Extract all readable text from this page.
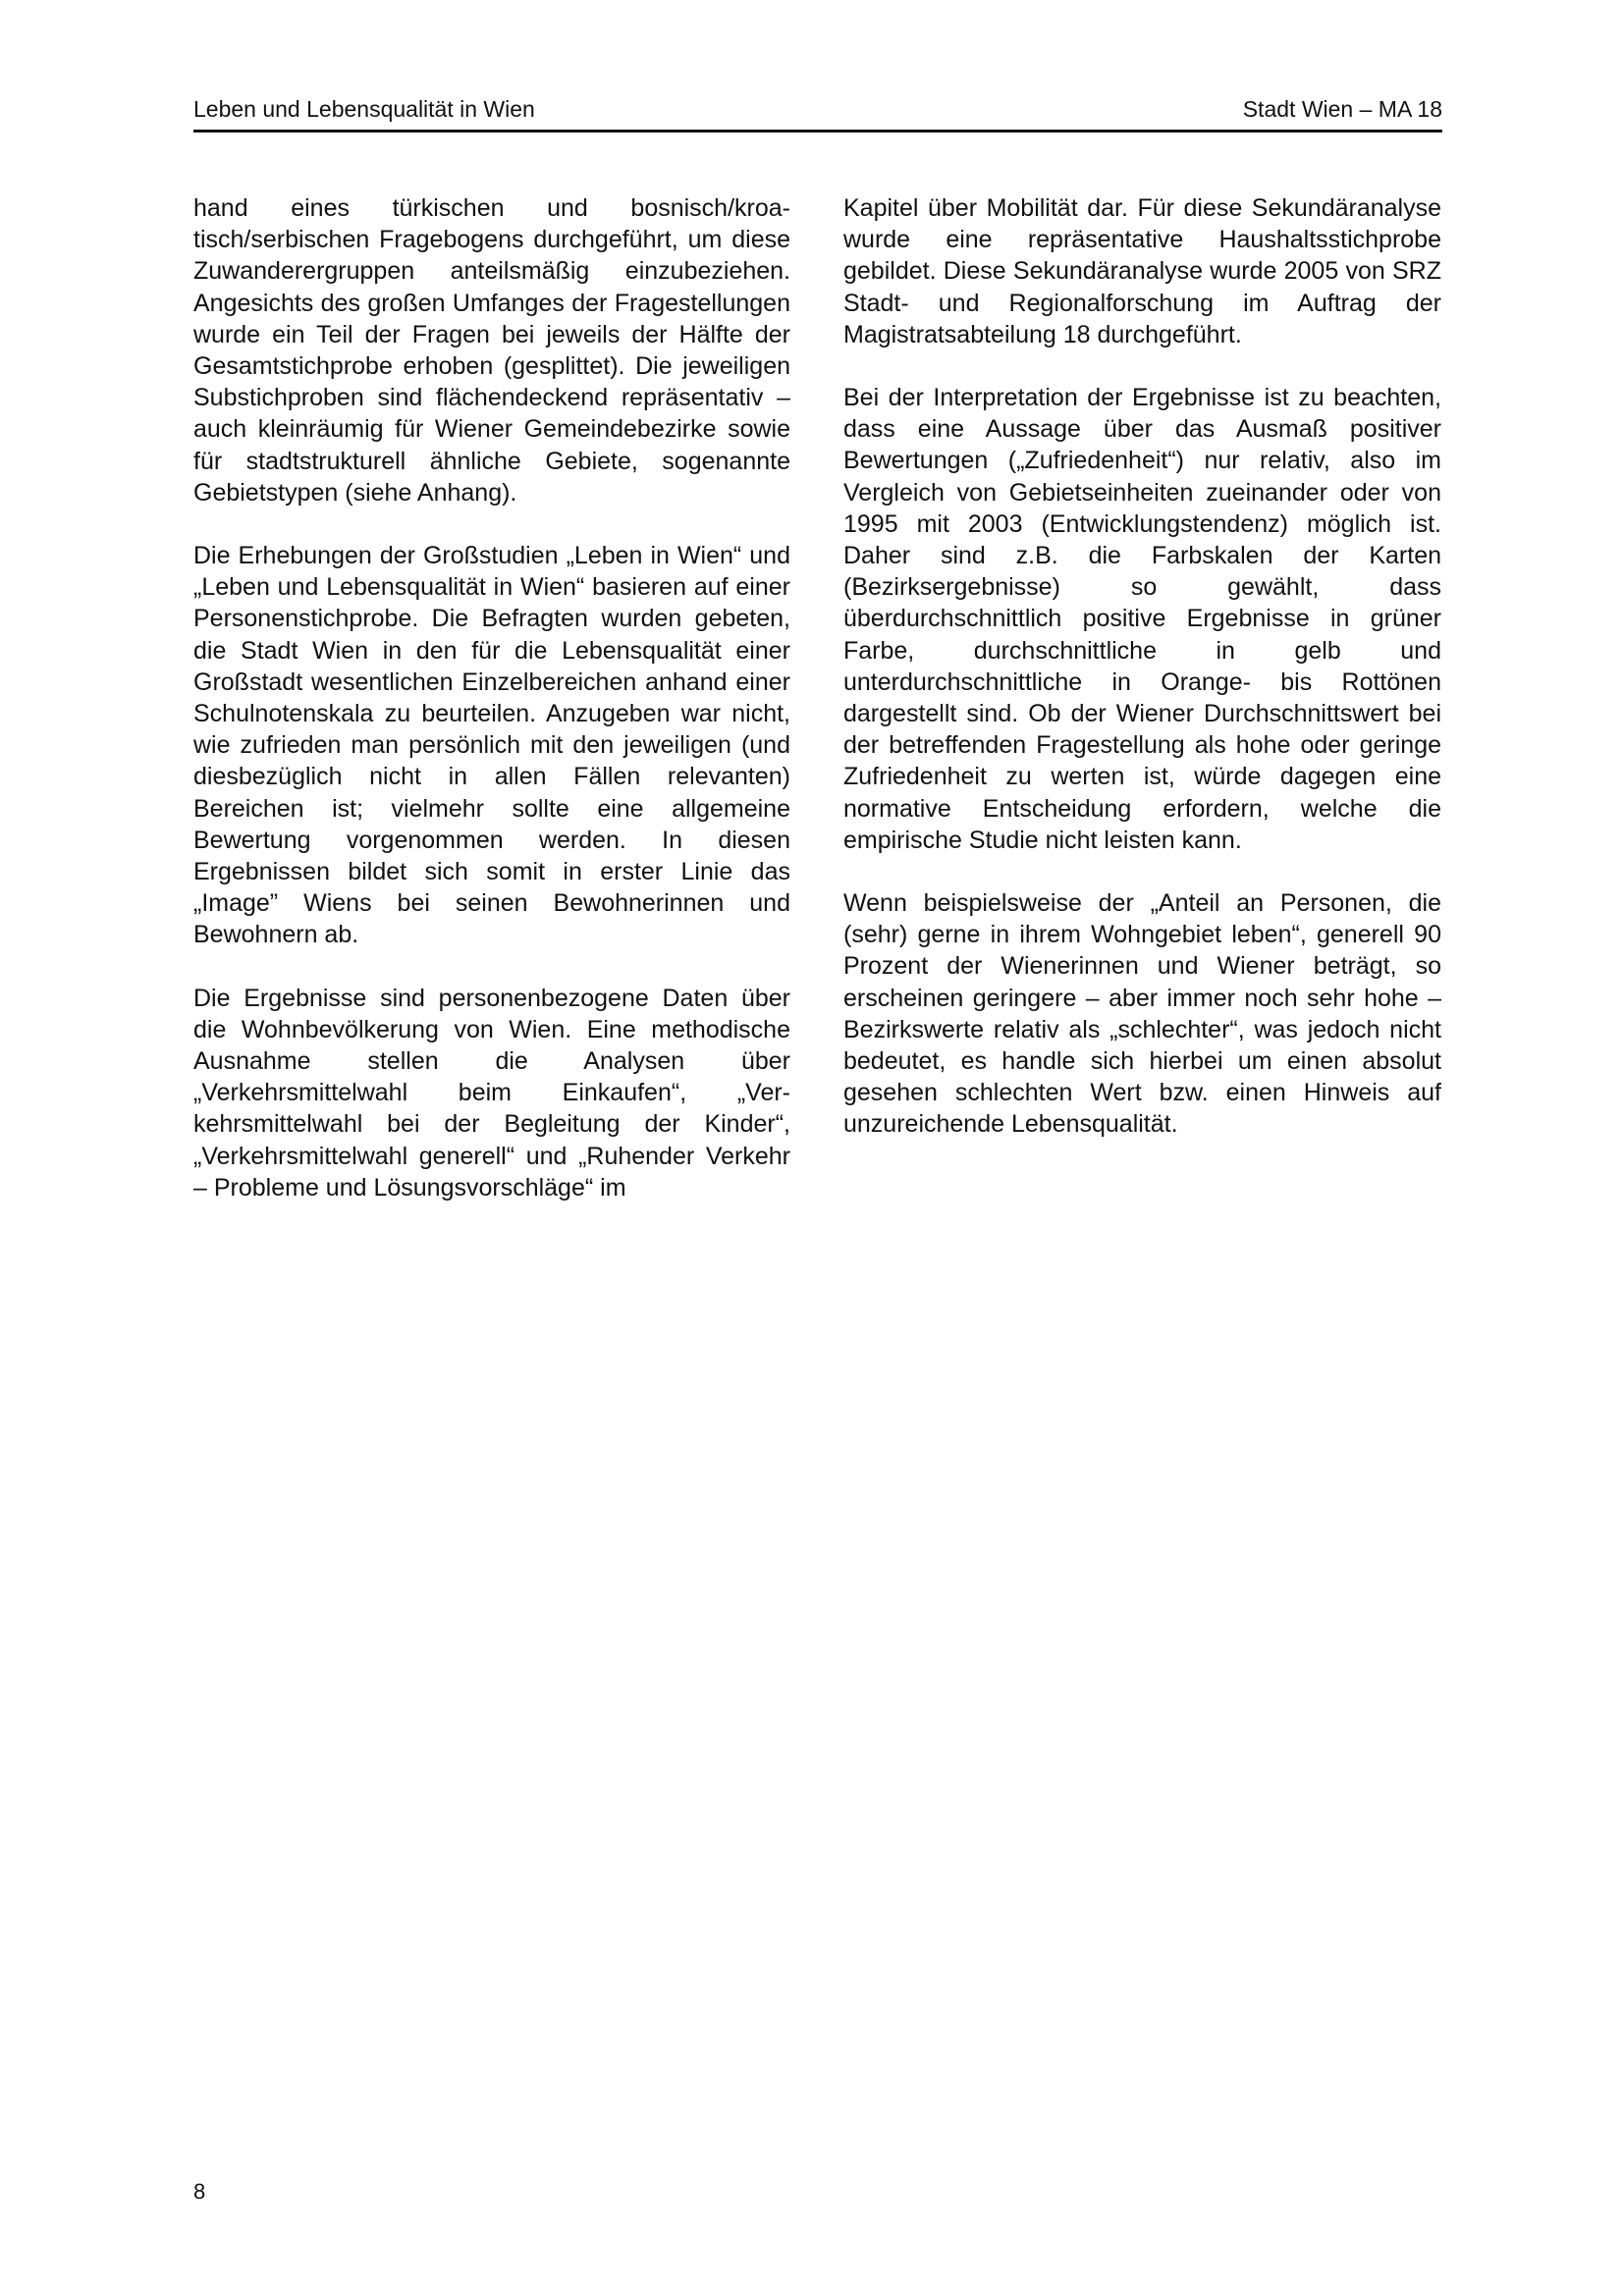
Leben und Lebensqualität in Wien	Stadt Wien – MA 18

hand eines türkischen und bosnisch/kroatisch/serbischen Fragebogens durchgeführt, um diese Zuwanderergruppen anteilsmäßig einzubeziehen. Angesichts des großen Umfanges der Fragestellungen wurde ein Teil der Fragen bei jeweils der Hälfte der Gesamtstichprobe erhoben (gesplittet). Die jeweiligen Substichproben sind flächendeckend repräsentativ – auch kleinräumig für Wiener Gemeindebezirke sowie für stadtstrukturell ähnliche Gebiete, sogenannte Gebietstypen (siehe Anhang).

Die Erhebungen der Großstudien „Leben in Wien“ und „Leben und Lebensqualität in Wien“ basieren auf einer Personenstichprobe. Die Befragten wurden gebeten, die Stadt Wien in den für die Lebensqualität einer Großstadt wesentlichen Einzelbereichen anhand einer Schulnotenskala zu beurteilen. Anzugeben war nicht, wie zufrieden man persönlich mit den jeweiligen (und diesbezüglich nicht in allen Fällen relevanten) Bereichen ist; vielmehr sollte eine allgemeine Bewertung vorgenommen werden. In diesen Ergebnissen bildet sich somit in erster Linie das „Image” Wiens bei seinen Bewohnerinnen und Bewohnern ab.

Die Ergebnisse sind personenbezogene Daten über die Wohnbevölkerung von Wien. Eine methodische Ausnahme stellen die Analysen über „Verkehrsmittelwahl beim Einkaufen“, „Verkehrsmittelwahl bei der Begleitung der Kinder“, „Verkehrsmittelwahl generell“ und „Ruhender Verkehr – Probleme und Lösungsvorschläge“ im

Kapitel über Mobilität dar. Für diese Sekundäranalyse wurde eine repräsentative Haushaltsstichprobe gebildet. Diese Sekundäranalyse wurde 2005 von SRZ Stadt- und Regionalforschung im Auftrag der Magistratsabteilung 18 durchgeführt.

Bei der Interpretation der Ergebnisse ist zu beachten, dass eine Aussage über das Ausmaß positiver Bewertungen („Zufriedenheit“) nur relativ, also im Vergleich von Gebietseinheiten zueinander oder von 1995 mit 2003 (Entwicklungstendenz) möglich ist. Daher sind z.B. die Farbskalen der Karten (Bezirksergebnisse) so gewählt, dass überdurchschnittlich positive Ergebnisse in grüner Farbe, durchschnittliche in gelb und unterdurchschnittliche in Orange- bis Rottönen dargestellt sind. Ob der Wiener Durchschnittswert bei der betreffenden Fragestellung als hohe oder geringe Zufriedenheit zu werten ist, würde dagegen eine normative Entscheidung erfordern, welche die empirische Studie nicht leisten kann.

Wenn beispielsweise der „Anteil an Personen, die (sehr) gerne in ihrem Wohngebiet leben“, generell 90 Prozent der Wienerinnen und Wiener beträgt, so erscheinen geringere – aber immer noch sehr hohe – Bezirkswerte relativ als „schlechter“, was jedoch nicht bedeutet, es handle sich hierbei um einen absolut gesehen schlechten Wert bzw. einen Hinweis auf unzureichende Lebensqualität.

8
